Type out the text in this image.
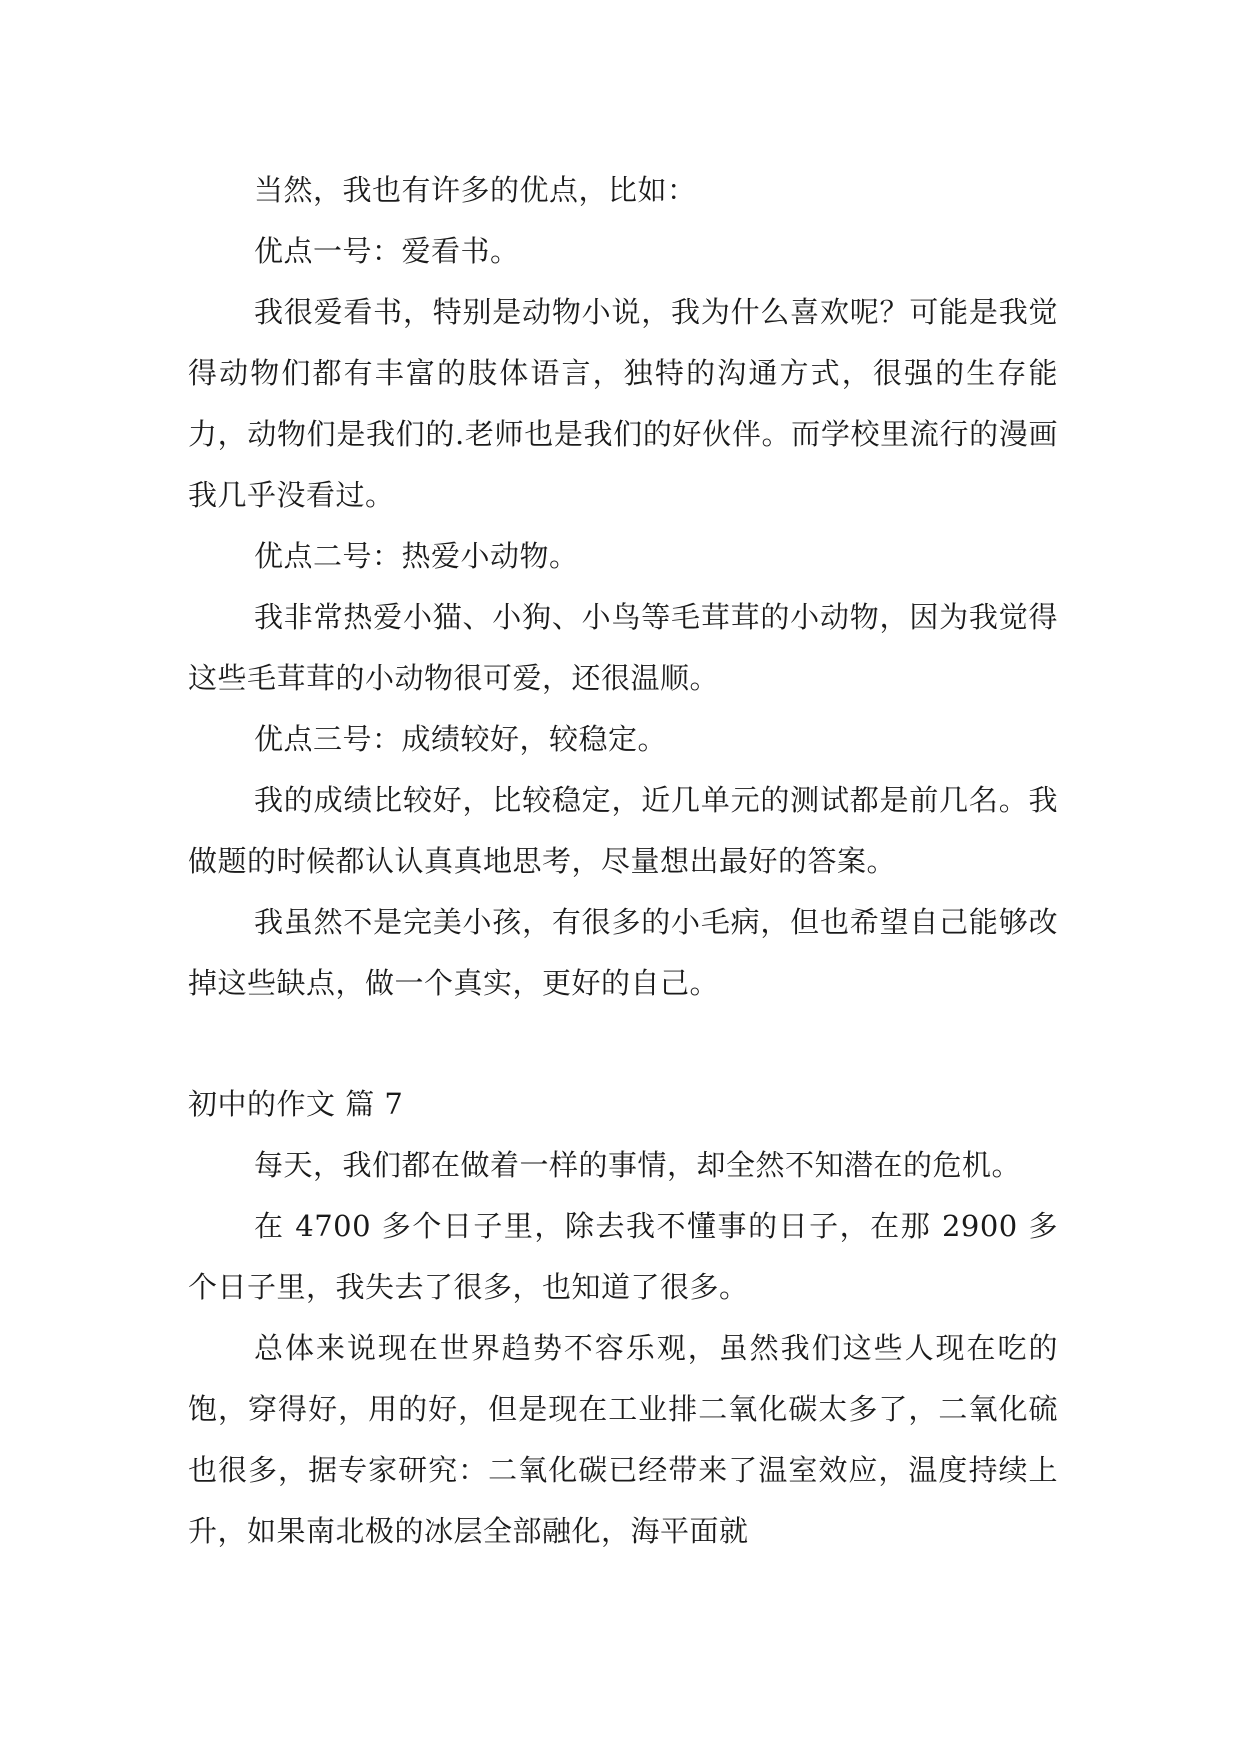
当然，我也有许多的优点，比如：

优点一号：爱看书。

我很爱看书，特别是动物小说，我为什么喜欢呢？可能是我觉得动物们都有丰富的肢体语言，独特的沟通方式，很强的生存能力，动物们是我们的.老师也是我们的好伙伴。而学校里流行的漫画我几乎没看过。

优点二号：热爱小动物。

我非常热爱小猫、小狗、小鸟等毛茸茸的小动物，因为我觉得这些毛茸茸的小动物很可爱，还很温顺。

优点三号：成绩较好，较稳定。

我的成绩比较好，比较稳定，近几单元的测试都是前几名。我做题的时候都认认真真地思考，尽量想出最好的答案。

我虽然不是完美小孩，有很多的小毛病，但也希望自己能够改掉这些缺点，做一个真实，更好的自己。

初中的作文 篇 7

每天，我们都在做着一样的事情，却全然不知潜在的危机。

在 4700 多个日子里，除去我不懂事的日子，在那 2900 多个日子里，我失去了很多，也知道了很多。

总体来说现在世界趋势不容乐观，虽然我们这些人现在吃的饱，穿得好，用的好，但是现在工业排二氧化碳太多了，二氧化硫也很多，据专家研究：二氧化碳已经带来了温室效应，温度持续上升，如果南北极的冰层全部融化，海平面就
